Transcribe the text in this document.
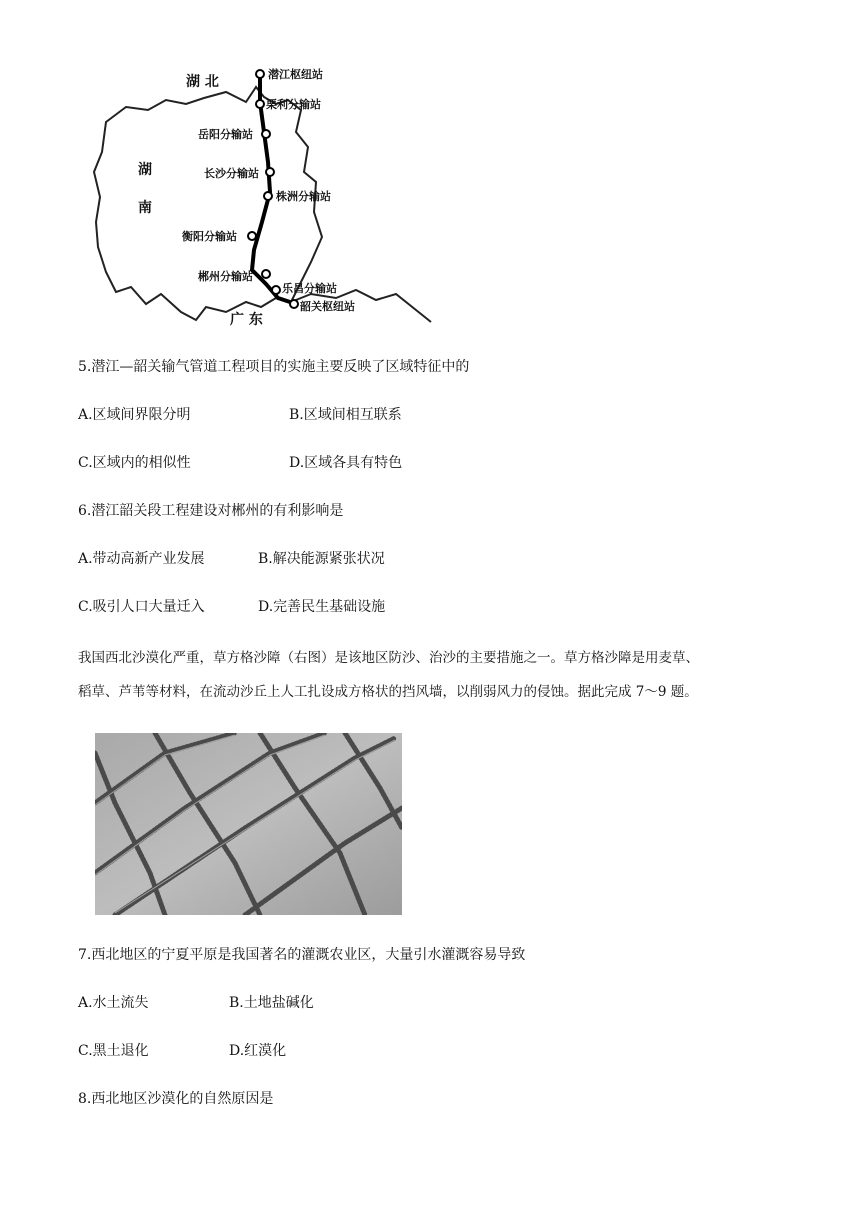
湖 北
湖
南
广 东
潜江枢纽站
栗利分输站
岳阳分输站
长沙分输站
株洲分输站
衡阳分输站
郴州分输站
乐昌分输站
韶关枢纽站
5.潜江—韶关输气管道工程项目的实施主要反映了区域特征中的
A.区域间界限分明	B.区域间相互联系
C.区域内的相似性	D.区域各具有特色
6.潜江韶关段工程建设对郴州的有利影响是
A.带动高新产业发展	B.解决能源紧张状况
C.吸引人口大量迁入	D.完善民生基础设施
我国西北沙漠化严重，草方格沙障（右图）是该地区防沙、治沙的主要措施之一。草方格沙障是用麦草、
稻草、芦苇等材料，在流动沙丘上人工扎设成方格状的挡风墙，以削弱风力的侵蚀。据此完成 7～9 题。
7.西北地区的宁夏平原是我国著名的灌溉农业区，大量引水灌溉容易导致
A.水土流失	B.土地盐碱化
C.黑土退化	D.红漠化
8.西北地区沙漠化的自然原因是
